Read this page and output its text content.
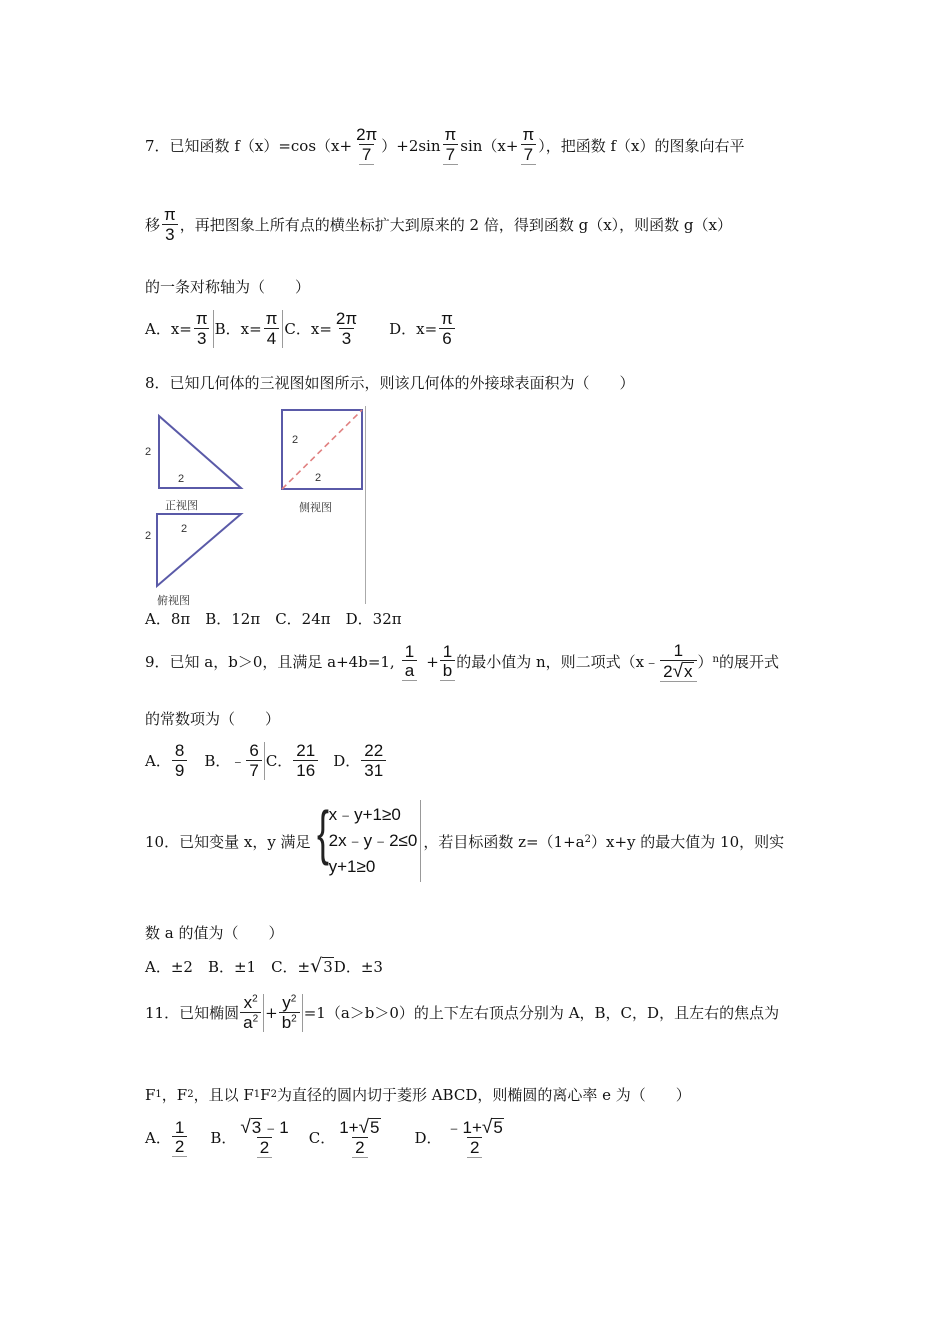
7． 已知函数 $f(x)=\cos(x+ \frac{2\pi}{7} )+2\sin \frac{\pi}{7} \sin(x+ \frac{\pi}{7}$ ），把函数 f（x）的图象向右平
移 $\frac{\pi}{3}$ ，再把图象上所有点的横坐标扩大到原来的 2 倍，得到函数 g（x），则函数 g（x）
的一条对称轴为（　　）
A．$x= \frac{\pi}{3}$ B．$x= \frac{\pi}{4}$ C．$x= \frac{2\pi}{3}$ D．$x= \frac{\pi}{6}$
8．已知几何体的三视图如图所示，则该几何体的外接球表面积为（　　）
2
2
正视图
2
2
侧视图
2
2
俯视图
A．8π　B．12π　C．24π　D．32π
9．已知 a，b＞0，且满足 a+4b=1, $\frac{1}{a} + \frac{1}{b}$ 的最小值为 n，则二项式（x﹣ $\frac{1}{2 √ x}$ ） n 的展开式
的常数项为（　　）
A． $\frac{8}{9}$ B．﹣ $\frac{6}{7}$ C． $\frac{21}{16}$ D． $\frac{22}{31}$
10．已知变量 x，y 满足 { x﹣y+1≥0
2x﹣y﹣2≤0
y+1≥0
，若目标函数 z=（1+a 2 ）x+y 的最大值为 10，则实
数 a 的值为（　　）
A．±2　B．±1　C．± √ 3 D．±3
11．已知椭圆 $\frac{x^2}{a^2} + \frac{y^2}{b^2} =1(a>b>0)$的上下左右顶点分别为 A，B，C，D，且左右的焦点为
F 1 ，F 2 ，且以 F 1 F 2 为直径的圆内切于菱形 ABCD，则椭圆的离心率 e 为（　　）
A． $\frac{1}{2}$ B． $\frac{√ 3 ﹣1}{2}$ C． $\frac{1+ √ 5}{2}$ D． $\frac{﹣1+ √ 5}{2}$
